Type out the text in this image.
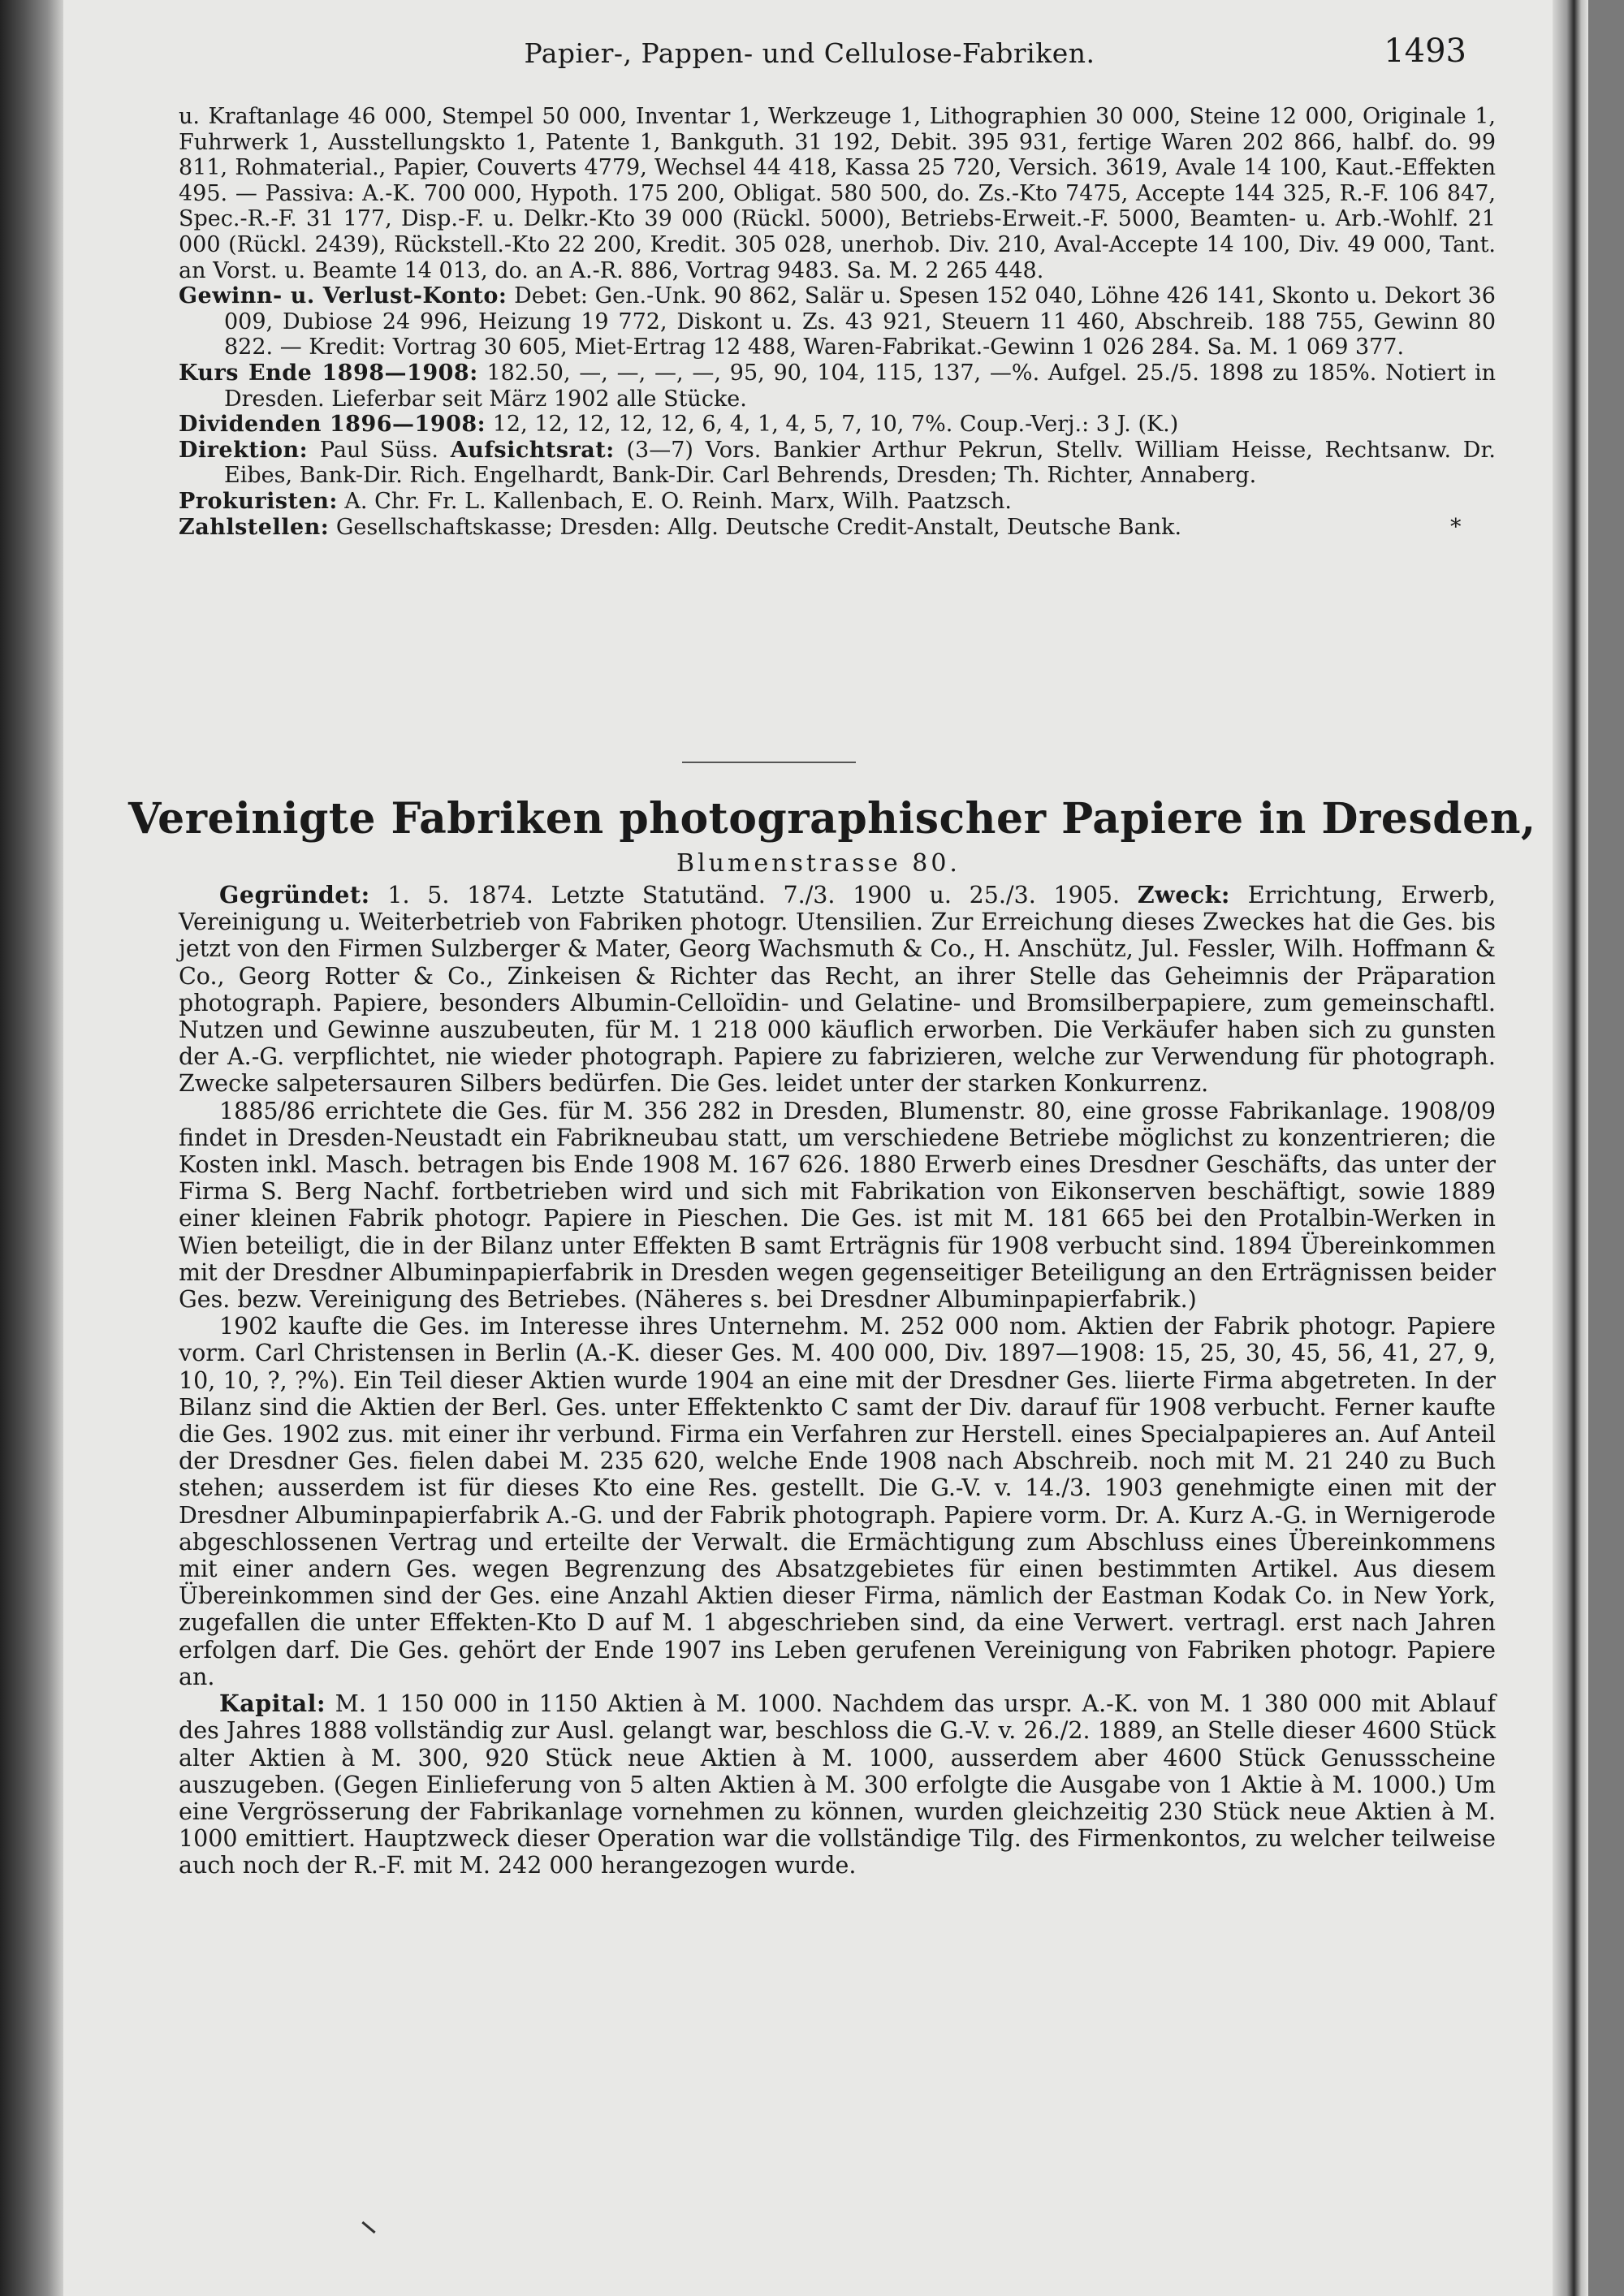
Papier-, Pappen- und Cellulose-Fabriken.	1493

u. Kraftanlage 46 000, Stempel 50 000, Inventar 1, Werkzeuge 1, Lithographien 30 000, Steine 12 000, Originale 1, Fuhrwerk 1, Ausstellungskto 1, Patente 1, Bankguth. 31 192, Debit. 395 931, fertige Waren 202 866, halbf. do. 99 811, Rohmaterial., Papier, Couverts 4779, Wechsel 44 418, Kassa 25 720, Versich. 3619, Avale 14 100, Kaut.-Effekten 495. — Passiva: A.-K. 700 000, Hypoth. 175 200, Obligat. 580 500, do. Zs.-Kto 7475, Accepte 144 325, R.-F. 106 847, Spec.-R.-F. 31 177, Disp.-F. u. Delkr.-Kto 39 000 (Rückl. 5000), Betriebs-Erweit.-F. 5000, Beamten- u. Arb.-Wohlf. 21 000 (Rückl. 2439), Rückstell.-Kto 22 200, Kredit. 305 028, unerhob. Div. 210, Aval-Accepte 14 100, Div. 49 000, Tant. an Vorst. u. Beamte 14 013, do. an A.-R. 886, Vortrag 9483. Sa. M. 2 265 448.

Gewinn- u. Verlust-Konto: Debet: Gen.-Unk. 90 862, Salär u. Spesen 152 040, Löhne 426 141, Skonto u. Dekort 36 009, Dubiose 24 996, Heizung 19 772, Diskont u. Zs. 43 921, Steuern 11 460, Abschreib. 188 755, Gewinn 80 822. — Kredit: Vortrag 30 605, Miet-Ertrag 12 488, Waren-Fabrikat.-Gewinn 1 026 284. Sa. M. 1 069 377.

Kurs Ende 1898—1908: 182.50, —, —, —, —, 95, 90, 104, 115, 137, —%. Aufgel. 25./5. 1898 zu 185%. Notiert in Dresden. Lieferbar seit März 1902 alle Stücke.

Dividenden 1896—1908: 12, 12, 12, 12, 12, 6, 4, 1, 4, 5, 7, 10, 7%. Coup.-Verj.: 3 J. (K.)

Direktion: Paul Süss. Aufsichtsrat: (3—7) Vors. Bankier Arthur Pekrun, Stellv. William Heisse, Rechtsanw. Dr. Eibes, Bank-Dir. Rich. Engelhardt, Bank-Dir. Carl Behrends, Dresden; Th. Richter, Annaberg.

Prokuristen: A. Chr. Fr. L. Kallenbach, E. O. Reinh. Marx, Wilh. Paatzsch.

*
Zahlstellen: Gesellschaftskasse; Dresden: Allg. Deutsche Credit-Anstalt, Deutsche Bank.

Vereinigte Fabriken photographischer Papiere in Dresden,
Blumenstrasse 80.

Gegründet: 1. 5. 1874. Letzte Statutänd. 7./3. 1900 u. 25./3. 1905. Zweck: Errichtung, Erwerb, Vereinigung u. Weiterbetrieb von Fabriken photogr. Utensilien. Zur Erreichung dieses Zweckes hat die Ges. bis jetzt von den Firmen Sulzberger & Mater, Georg Wachsmuth & Co., H. Anschütz, Jul. Fessler, Wilh. Hoffmann & Co., Georg Rotter & Co., Zinkeisen & Richter das Recht, an ihrer Stelle das Geheimnis der Präparation photograph. Papiere, besonders Albumin-Celloïdin- und Gelatine- und Bromsilberpapiere, zum gemeinschaftl. Nutzen und Gewinne auszubeuten, für M. 1 218 000 käuflich erworben. Die Verkäufer haben sich zu gunsten der A.-G. verpflichtet, nie wieder photograph. Papiere zu fabrizieren, welche zur Verwendung für photograph. Zwecke salpetersauren Silbers bedürfen. Die Ges. leidet unter der starken Konkurrenz.

1885/86 errichtete die Ges. für M. 356 282 in Dresden, Blumenstr. 80, eine grosse Fabrikanlage. 1908/09 findet in Dresden-Neustadt ein Fabrikneubau statt, um verschiedene Betriebe möglichst zu konzentrieren; die Kosten inkl. Masch. betragen bis Ende 1908 M. 167 626. 1880 Erwerb eines Dresdner Geschäfts, das unter der Firma S. Berg Nachf. fortbetrieben wird und sich mit Fabrikation von Eikonserven beschäftigt, sowie 1889 einer kleinen Fabrik photogr. Papiere in Pieschen. Die Ges. ist mit M. 181 665 bei den Protalbin-Werken in Wien beteiligt, die in der Bilanz unter Effekten B samt Erträgnis für 1908 verbucht sind. 1894 Übereinkommen mit der Dresdner Albuminpapierfabrik in Dresden wegen gegenseitiger Beteiligung an den Erträgnissen beider Ges. bezw. Vereinigung des Betriebes. (Näheres s. bei Dresdner Albuminpapierfabrik.)

1902 kaufte die Ges. im Interesse ihres Unternehm. M. 252 000 nom. Aktien der Fabrik photogr. Papiere vorm. Carl Christensen in Berlin (A.-K. dieser Ges. M. 400 000, Div. 1897—1908: 15, 25, 30, 45, 56, 41, 27, 9, 10, 10, ?, ?%). Ein Teil dieser Aktien wurde 1904 an eine mit der Dresdner Ges. liierte Firma abgetreten. In der Bilanz sind die Aktien der Berl. Ges. unter Effektenkto C samt der Div. darauf für 1908 verbucht. Ferner kaufte die Ges. 1902 zus. mit einer ihr verbund. Firma ein Verfahren zur Herstell. eines Specialpapieres an. Auf Anteil der Dresdner Ges. fielen dabei M. 235 620, welche Ende 1908 nach Abschreib. noch mit M. 21 240 zu Buch stehen; ausserdem ist für dieses Kto eine Res. gestellt. Die G.-V. v. 14./3. 1903 genehmigte einen mit der Dresdner Albuminpapierfabrik A.-G. und der Fabrik photograph. Papiere vorm. Dr. A. Kurz A.-G. in Wernigerode abgeschlossenen Vertrag und erteilte der Verwalt. die Ermächtigung zum Abschluss eines Übereinkommens mit einer andern Ges. wegen Begrenzung des Absatzgebietes für einen bestimmten Artikel. Aus diesem Übereinkommen sind der Ges. eine Anzahl Aktien dieser Firma, nämlich der Eastman Kodak Co. in New York, zugefallen die unter Effekten-Kto D auf M. 1 abgeschrieben sind, da eine Verwert. vertragl. erst nach Jahren erfolgen darf. Die Ges. gehört der Ende 1907 ins Leben gerufenen Vereinigung von Fabriken photogr. Papiere an.

Kapital: M. 1 150 000 in 1150 Aktien à M. 1000. Nachdem das urspr. A.-K. von M. 1 380 000 mit Ablauf des Jahres 1888 vollständig zur Ausl. gelangt war, beschloss die G.-V. v. 26./2. 1889, an Stelle dieser 4600 Stück alter Aktien à M. 300, 920 Stück neue Aktien à M. 1000, ausserdem aber 4600 Stück Genussscheine auszugeben. (Gegen Einlieferung von 5 alten Aktien à M. 300 erfolgte die Ausgabe von 1 Aktie à M. 1000.) Um eine Vergrösserung der Fabrikanlage vornehmen zu können, wurden gleichzeitig 230 Stück neue Aktien à M. 1000 emittiert. Hauptzweck dieser Operation war die vollständige Tilg. des Firmenkontos, zu welcher teilweise auch noch der R.-F. mit M. 242 000 herangezogen wurde.
